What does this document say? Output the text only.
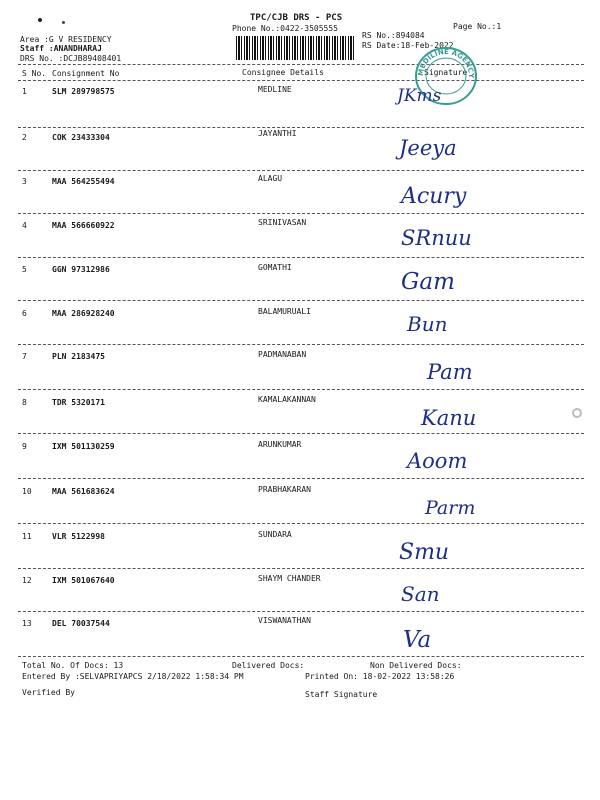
TPC/CJB DRS - PCS
Phone No.:0422-3505555	Page No.:1
Area :G V RESIDENCY
Staff :ANANDHARAJ
DRS No. :DCJB89408401
RS No.:894084
RS Date:18-Feb-2022
S No. Consignment No	Consignee Details	Signature
MEDILINE AGENCY
1	SLM 289798575	MEDLINE	JKms
2	COK 23433304	JAYANTHI
Jeeya
3	MAA 564255494	ALAGU
Acury
4	MAA 566660922	SRINIVASAN
SRnuu
5	GGN 97312986	GOMATHI
Gam
6	MAA 286928240	BALAMURUALI
Bun
7	PLN 2183475	PADMANABAN
Pam
8	TDR 5320171	KAMALAKANNAN
Kanu
9	IXM 501130259	ARUNKUMAR
Aoom
10	MAA 561683624	PRABHAKARAN
Parm
11	VLR 5122998	SUNDARA
Smu
12	IXM 501067640	SHAYM CHANDER
San
13	DEL 70037544	VISWANATHAN
Va
Total No. Of Docs: 13	Delivered Docs:	Non Delivered Docs:
Entered By :SELVAPRIYAPCS 2/18/2022 1:58:34 PM	Printed On: 18-02-2022 13:58:26
Verified By	Staff Signature
